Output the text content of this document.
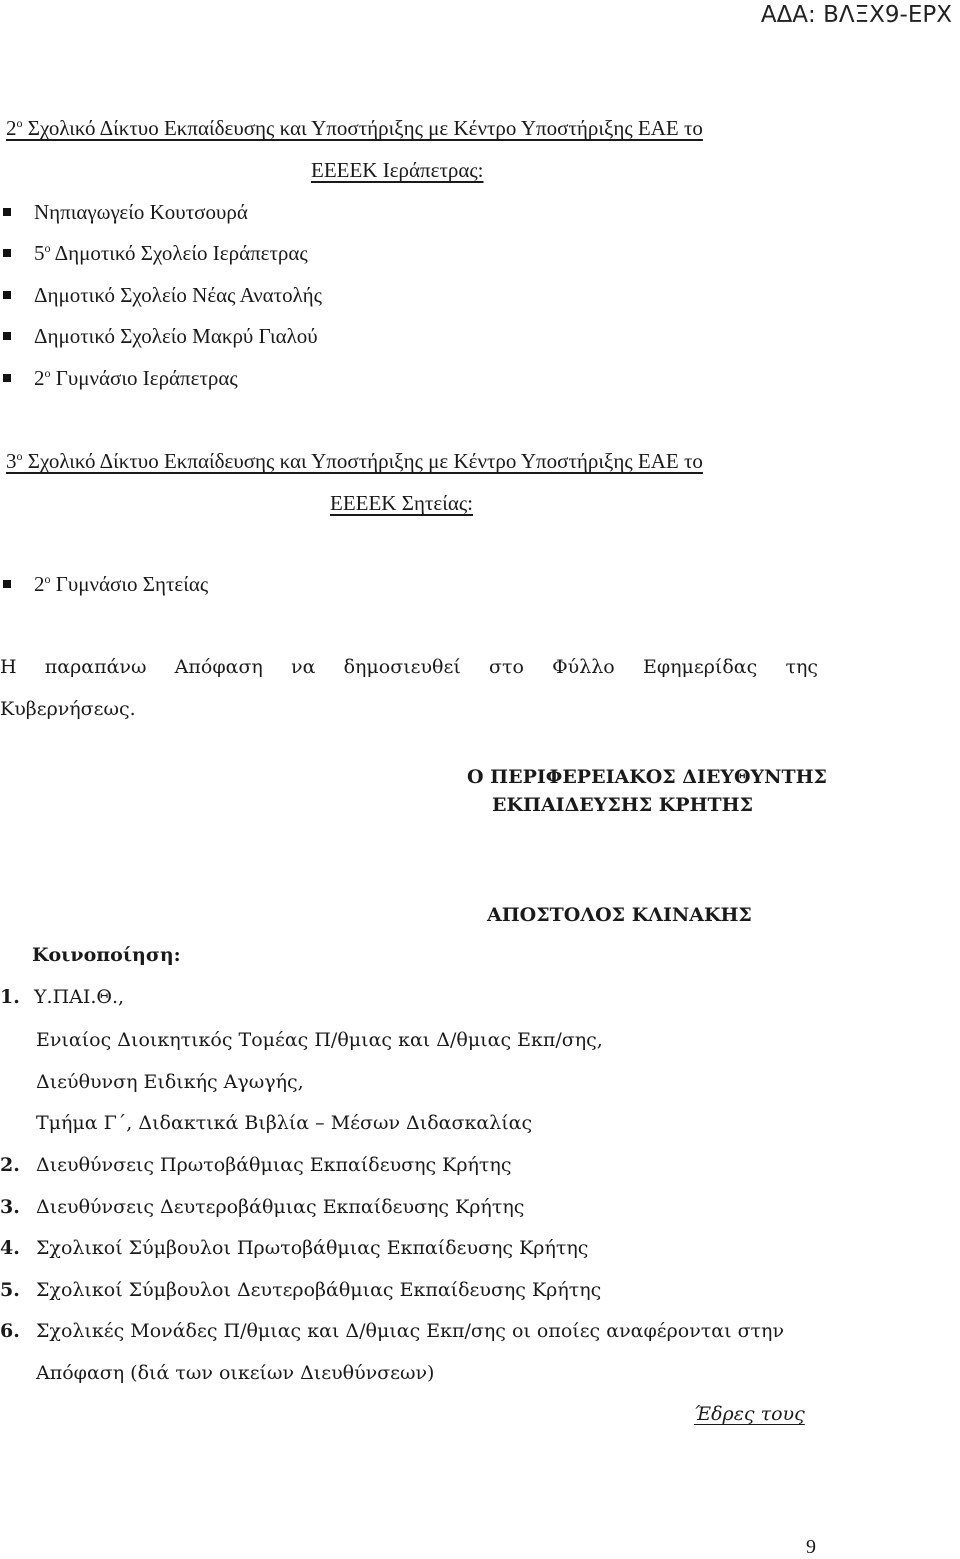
ΑΔΑ: ΒΛΞΧ9-ΕΡΧ
$2^o$ Σχολικό Δίκτυο Εκπαίδευσης και Υποστήριξης με Κέντρο Υποστήριξης ΕΑΕ το
ΕΕΕΕΚ Ιεράπετρας:
Νηπιαγωγείο Κουτσουρά
$5^o$ Δημοτικό Σχολείο Ιεράπετρας
Δημοτικό Σχολείο Νέας Ανατολής
Δημοτικό Σχολείο Μακρύ Γιαλού
$2^o$ Γυμνάσιο Ιεράπετρας
$3^o$ Σχολικό Δίκτυο Εκπαίδευσης και Υποστήριξης με Κέντρο Υποστήριξης ΕΑΕ το
ΕΕΕΕΚ Σητείας:
$2^o$ Γυμνάσιο Σητείας
Η παραπάνω Απόφαση να δημοσιευθεί στο Φύλλο Εφημερίδας της
Κυβερνήσεως.
Ο ΠΕΡΙΦΕΡΕΙΑΚΟΣ ΔΙΕΥΘΥΝΤΗΣ
ΕΚΠΑΙΔΕΥΣΗΣ ΚΡΗΤΗΣ
ΑΠΟΣΤΟΛΟΣ ΚΛΙΝΑΚΗΣ
Κοινοποίηση:
1. Υ.ΠΑΙ.Θ.,
Ενιαίος Διοικητικός Τομέας Π/θμιας και Δ/θμιας Εκπ/σης,
Διεύθυνση Ειδικής Αγωγής,
Τμήμα Γ΄, Διδακτικά Βιβλία – Μέσων Διδασκαλίας
2. Διευθύνσεις Πρωτοβάθμιας Εκπαίδευσης Κρήτης
3. Διευθύνσεις Δευτεροβάθμιας Εκπαίδευσης Κρήτης
4. Σχολικοί Σύμβουλοι Πρωτοβάθμιας Εκπαίδευσης Κρήτης
5. Σχολικοί Σύμβουλοι Δευτεροβάθμιας Εκπαίδευσης Κρήτης
6. Σχολικές Μονάδες Π/θμιας και Δ/θμιας Εκπ/σης οι οποίες αναφέρονται στην
Απόφαση (διά των οικείων Διευθύνσεων)
Έδρες τους
9
